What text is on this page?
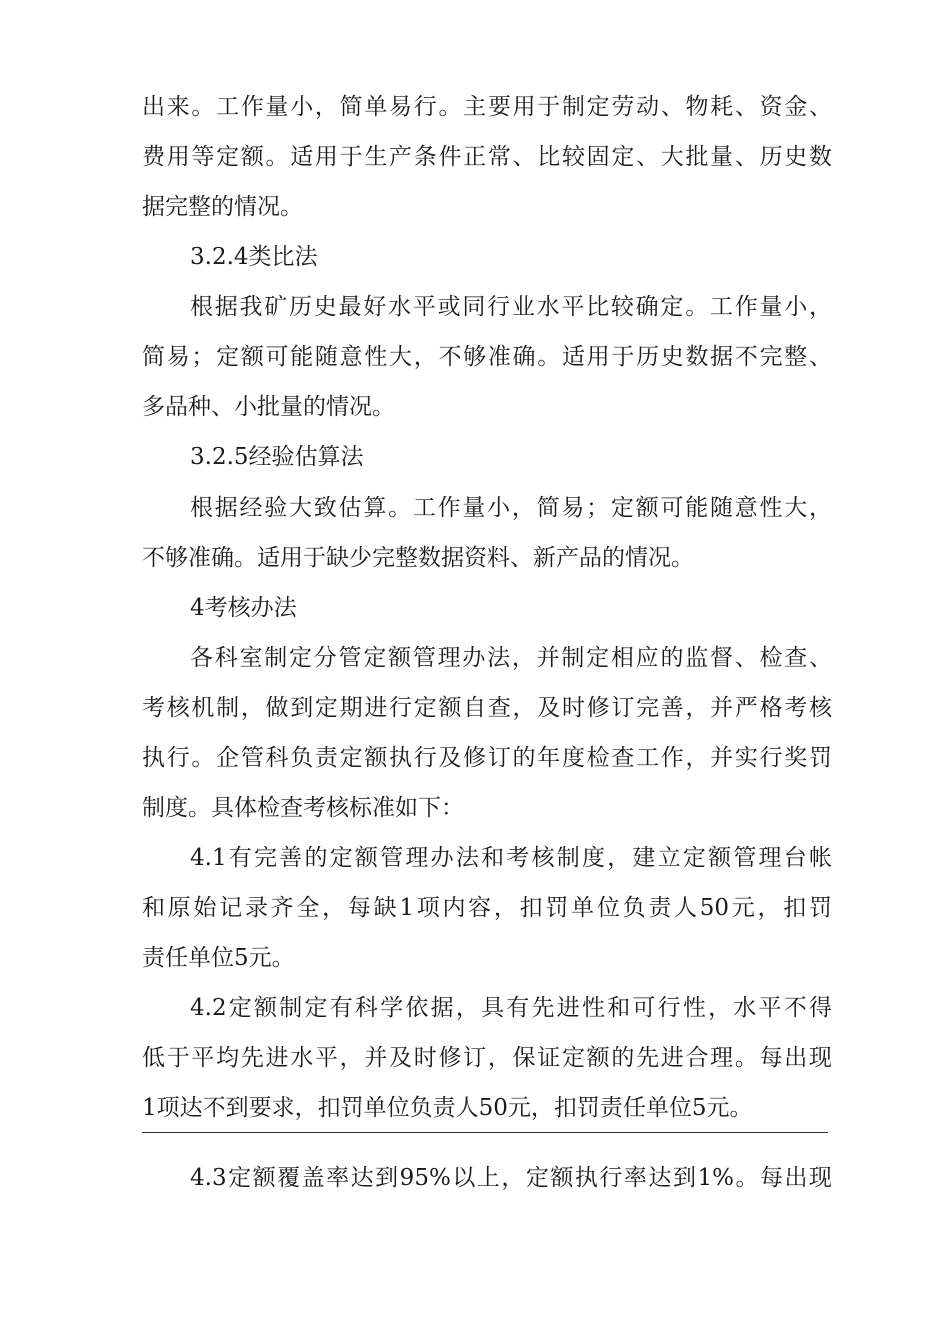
出来。工作量小，简单易行。主要用于制定劳动、物耗、资金、

费用等定额。适用于生产条件正常、比较固定、大批量、历史数

据完整的情况。

3.2.4类比法

根据我矿历史最好水平或同行业水平比较确定。工作量小，

简易；定额可能随意性大，不够准确。适用于历史数据不完整、

多品种、小批量的情况。

3.2.5经验估算法

根据经验大致估算。工作量小，简易；定额可能随意性大，

不够准确。适用于缺少完整数据资料、新产品的情况。

4考核办法

各科室制定分管定额管理办法，并制定相应的监督、检查、

考核机制，做到定期进行定额自查，及时修订完善，并严格考核

执行。企管科负责定额执行及修订的年度检查工作，并实行奖罚

制度。具体检查考核标准如下：

4.1有完善的定额管理办法和考核制度，建立定额管理台帐

和原始记录齐全，每缺1项内容，扣罚单位负责人50元，扣罚

责任单位5元。

4.2定额制定有科学依据，具有先进性和可行性，水平不得

低于平均先进水平，并及时修订，保证定额的先进合理。每出现

1项达不到要求，扣罚单位负责人50元，扣罚责任单位5元。

4.3定额覆盖率达到95%以上，定额执行率达到1%。每出现
